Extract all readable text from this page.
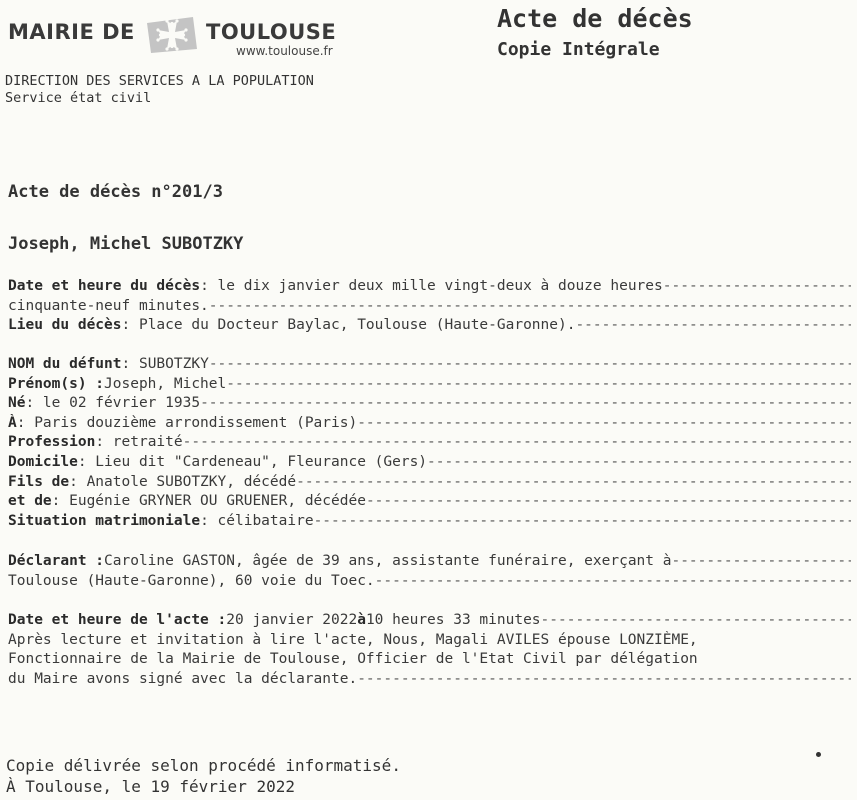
MAIRIE DE	TOULOUSE
www.toulouse.fr
Acte de décès
Copie Intégrale
DIRECTION DES SERVICES A LA POPULATION
Service état civil
Acte de décès n°201/3
Joseph, Michel SUBOTZKY
Date et heure du décès : le dix janvier deux mille vingt-deux à douze heures
-----
cinquante-neuf minutes.
-----
Lieu du décès : Place du Docteur Baylac, Toulouse (Haute-Garonne).
-----
NOM du défunt : SUBOTZKY
-----
Prénom(s) : Joseph, Michel
-----
Né : le 02 février 1935
-----
À : Paris douzième arrondissement (Paris)
-----
Profession : retraité
-----
Domicile : Lieu dit "Cardeneau", Fleurance (Gers)
-----
Fils de : Anatole SUBOTZKY, décédé
-----
et de : Eugénie GRYNER OU GRUENER, décédée
-----
Situation matrimoniale : célibataire
-----
Déclarant : Caroline GASTON, âgée de 39 ans, assistante funéraire, exerçant à
-----
Toulouse (Haute-Garonne), 60 voie du Toec.
-----
Date et heure de l'acte : 20 janvier 2022 à 10 heures 33 minutes
-----
Après lecture et invitation à lire l'acte, Nous, Magali AVILES épouse LONZIÈME,
Fonctionnaire de la Mairie de Toulouse, Officier de l'Etat Civil par délégation
du Maire avons signé avec la déclarante.
-----
Copie délivrée selon procédé informatisé.
À Toulouse, le 19 février 2022
